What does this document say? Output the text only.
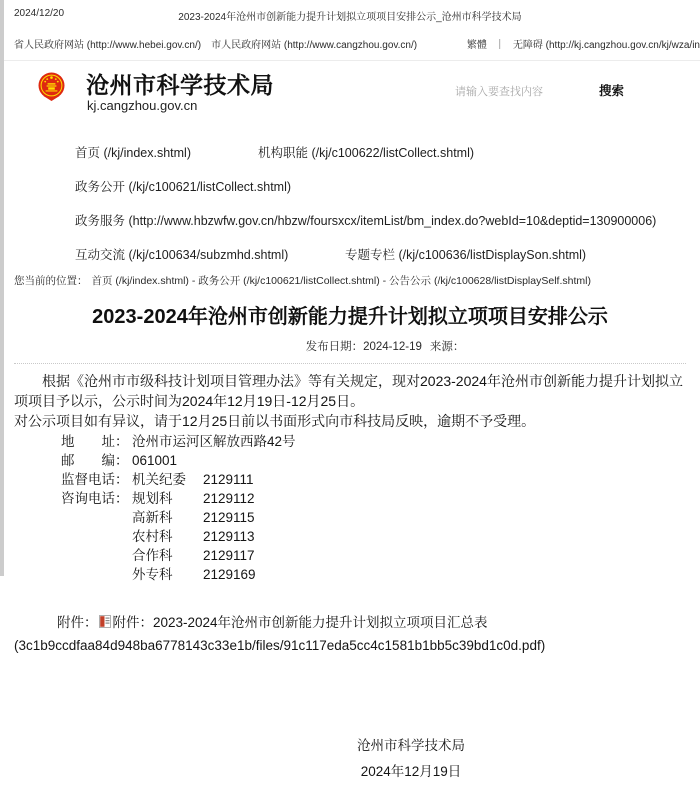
2024/12/20	2023-2024年沧州市创新能力提升计划拟立项项目安排公示_沧州市科学技术局
省人民政府网站 (http://www.hebei.gov.cn/) 市人民政府网站 (http://www.cangzhou.gov.cn/)	繁體 ｜ 无障碍 (http://kj.cangzhou.gov.cn/kj/wza/in
沧州市科学技术局
kj.cangzhou.gov.cn
请输入要查找内容	搜索
首页 (/kj/index.shtml)	机构职能 (/kj/c100622/listCollect.shtml)
政务公开 (/kj/c100621/listCollect.shtml)
政务服务 (http://www.hbzwfw.gov.cn/hbzw/foursxcx/itemList/bm_index.do?webId=10&deptid=130900006)
互动交流 (/kj/c100634/subzmhd.shtml)	专题专栏 (/kj/c100636/listDisplaySon.shtml)
您当前的位置： 首页 (/kj/index.shtml) - 政务公开 (/kj/c100621/listCollect.shtml) - 公告公示 (/kj/c100628/listDisplaySelf.shtml)
2023-2024年沧州市创新能力提升计划拟立项项目安排公示
发布日期：2024-12-19 来源：

根据《沧州市市级科技计划项目管理办法》等有关规定，现对2023-2024年沧州市创新能力提升计划拟立项项目予以示，公示时间为2024年12月19日-12月25日。

对公示项目如有异议，请于12月25日前以书面形式向市科技局反映，逾期不予受理。

地　　址： 沧州市运河区解放西路42号
邮　　编： 061001
监督电话： 机关纪委	2129111
咨询电话： 规划科	2129112
高新科	2129115
农村科	2129113
合作科	2129117
外专科	2129169
附件： 附件：2023-2024年沧州市创新能力提升计划拟立项项目汇总表
(3c1b9ccdfaa84d948ba6778143c33e1b/files/91c117eda5cc4c1581b1bb5c39bd1c0d.pdf)
沧州市科学技术局
2024年12月19日
